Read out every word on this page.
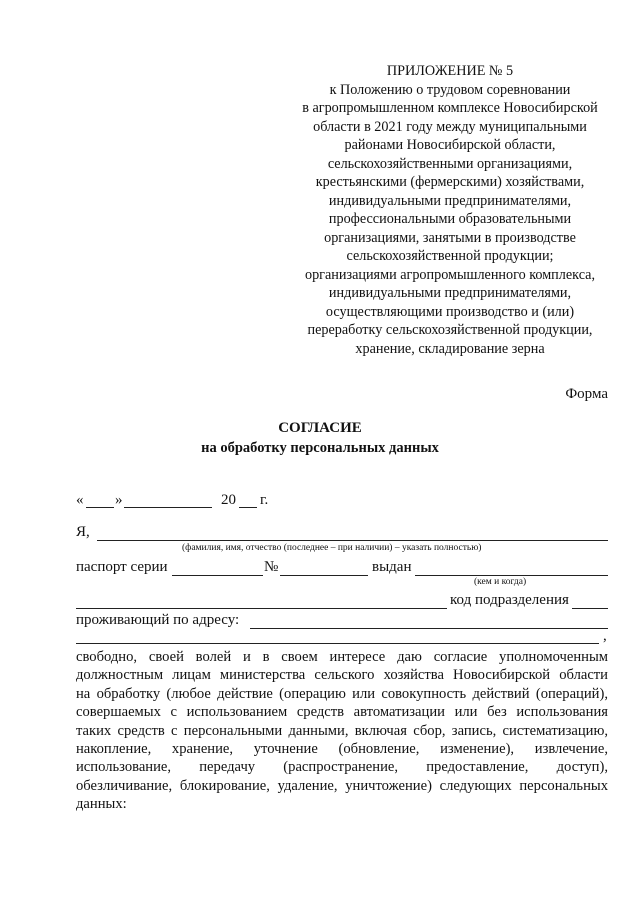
ПРИЛОЖЕНИЕ № 5
к Положению о трудовом соревновании
в агропромышленном комплексе Новосибирской
области в 2021 году между муниципальными
районами Новосибирской области,
сельскохозяйственными организациями,
крестьянскими (фермерскими) хозяйствами,
индивидуальными предпринимателями,
профессиональными образовательными
организациями, занятыми в производстве
сельскохозяйственной продукции;
организациями агропромышленного комплекса,
индивидуальными предпринимателями,
осуществляющими производство и (или)
переработку сельскохозяйственной продукции,
хранение, складирование зерна
Форма
СОГЛАСИЕ
на обработку персональных данных
« »	20 г.
Я,
(фамилия, имя, отчество (последнее – при наличии) – указать полностью)
паспорт серии	№	выдан
(кем и когда)
код подразделения
проживающий по адресу:
,
свободно, своей волей и в своем интересе даю согласие уполномоченным
должностным лицам министерства сельского хозяйства Новосибирской области
на обработку (любое действие (операцию или совокупность действий (операций),
совершаемых с использованием средств автоматизации или без использования
таких средств с персональными данными, включая сбор, запись, систематизацию,
накопление, хранение, уточнение (обновление, изменение), извлечение,
использование, передачу (распространение, предоставление, доступ),
обезличивание, блокирование, удаление, уничтожение) следующих персональных
данных:
